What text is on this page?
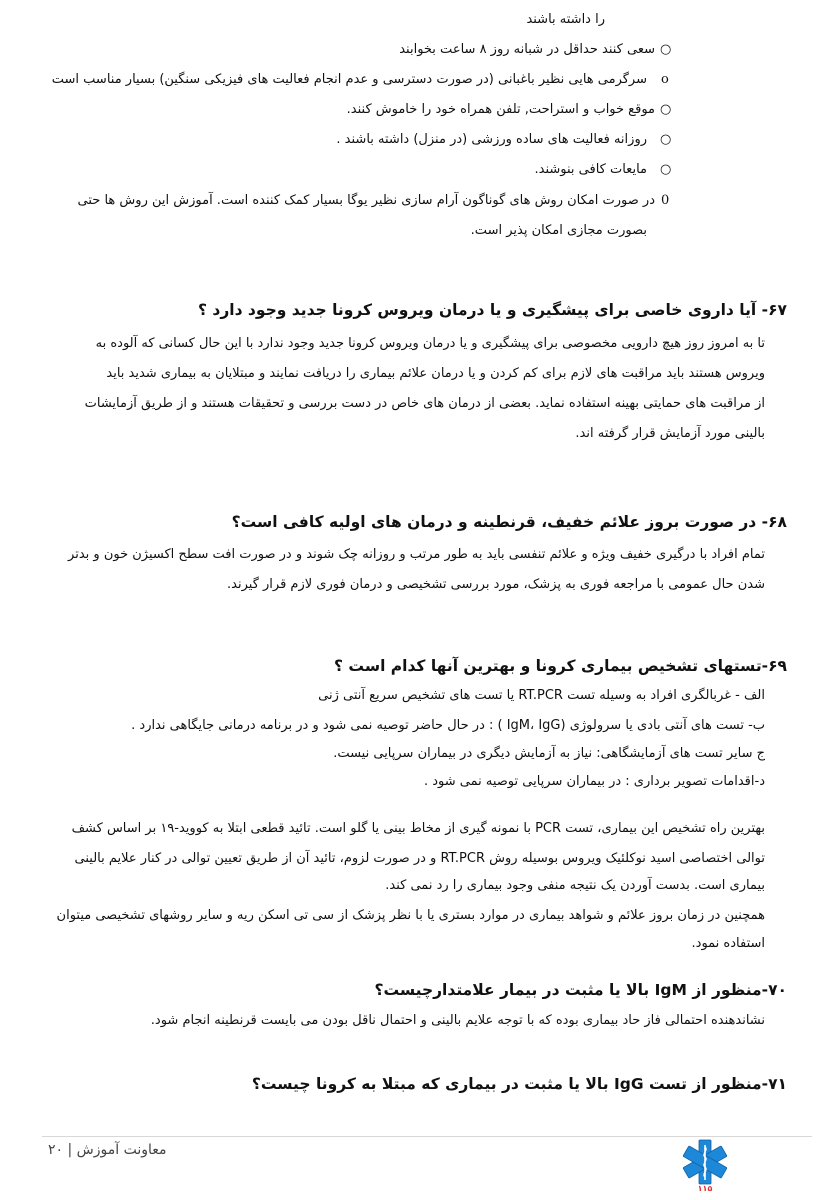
را داشته باشند
○
سعی کنند حداقل در شبانه روز ۸ ساعت بخوابند
o
سرگرمی هایی نظیر باغبانی (در صورت دسترسی و عدم انجام فعالیت های فیزیکی سنگین) بسیار مناسب است
○
موقع خواب و استراحت, تلفن همراه خود را خاموش کنند.
○
روزانه فعالیت های ساده ورزشی (در منزل) داشته باشند .
○
مایعات کافی بنوشند.
0
در صورت امکان روش های گوناگون آرام سازی نظیر یوگا بسیار کمک کننده است. آموزش این روش ها حتی
بصورت مجازی امکان پذیر است.
۶۷- آیا داروی خاصی برای پیشگیری و یا درمان ویروس کرونا جدید وجود دارد ؟
تا به امروز روز هیچ دارویی مخصوصی برای پیشگیری و یا درمان ویروس کرونا جدید وجود ندارد با این حال کسانی که آلوده به
ویروس هستند باید مراقبت های لازم برای کم کردن و یا درمان علائم بیماری را دریافت نمایند و مبتلایان به بیماری شدید باید
از مراقبت های حمایتی بهینه استفاده نماید. بعضی از درمان های خاص در دست بررسی و تحقیقات هستند و از طریق آزمایشات
بالینی مورد آزمایش قرار گرفته اند.
۶۸- در صورت بروز علائم خفیف، قرنطینه و درمان های اولیه کافی است؟
تمام افراد با درگیری خفیف ویژه و علائم تنفسی باید به طور مرتب و روزانه چک شوند و در صورت افت سطح اکسیژن خون و بدتر
شدن حال عمومی با مراجعه فوری به پزشک، مورد بررسی تشخیصی و درمان فوری لازم قرار گیرند.
۶۹-تستهای تشخیص بیماری کرونا و بهترین آنها کدام است ؟
الف - غربالگری افراد به وسیله تست RT.PCR یا تست های تشخیص سریع آنتی ژنی
ب- تست های آنتی بادی یا سرولوژی (IgM، IgG ) : در حال حاضر توصیه نمی شود و در برنامه درمانی جایگاهی ندارد .
ج سایر تست های آزمایشگاهی: نیاز به آزمایش دیگری در بیماران سرپایی نیست.
د-اقدامات تصویر برداری : در بیماران سرپایی توصیه نمی شود .
بهترین راه تشخیص این بیماری، تست PCR با نمونه گیری از مخاط بینی یا گلو است. تائید قطعی ابتلا به کووید-۱۹ بر اساس کشف
توالی اختصاصی اسید نوکلئیک ویروس بوسیله روش RT.PCR و در صورت لزوم، تائید آن از طریق تعیین توالی در کنار علایم بالینی
بیماری است. بدست آوردن یک نتیجه منفی وجود بیماری را رد نمی کند.
همچنین در زمان بروز علائم و شواهد بیماری در موارد بستری یا با نظر پزشک از سی تی اسکن ریه و سایر روشهای تشخیصی میتوان
استفاده نمود.
۷۰-منظور از IgM بالا یا مثبت در بیمار علامتدارچیست؟
نشاندهنده احتمالی فاز حاد بیماری بوده که با توجه علایم بالینی و احتمال ناقل بودن می بایست قرنطینه انجام شود.
۷۱-منظور از تست IgG بالا یا مثبت در بیماری که مبتلا به کرونا چیست؟
معاونت آموزش | ۲۰
۱۱۵
